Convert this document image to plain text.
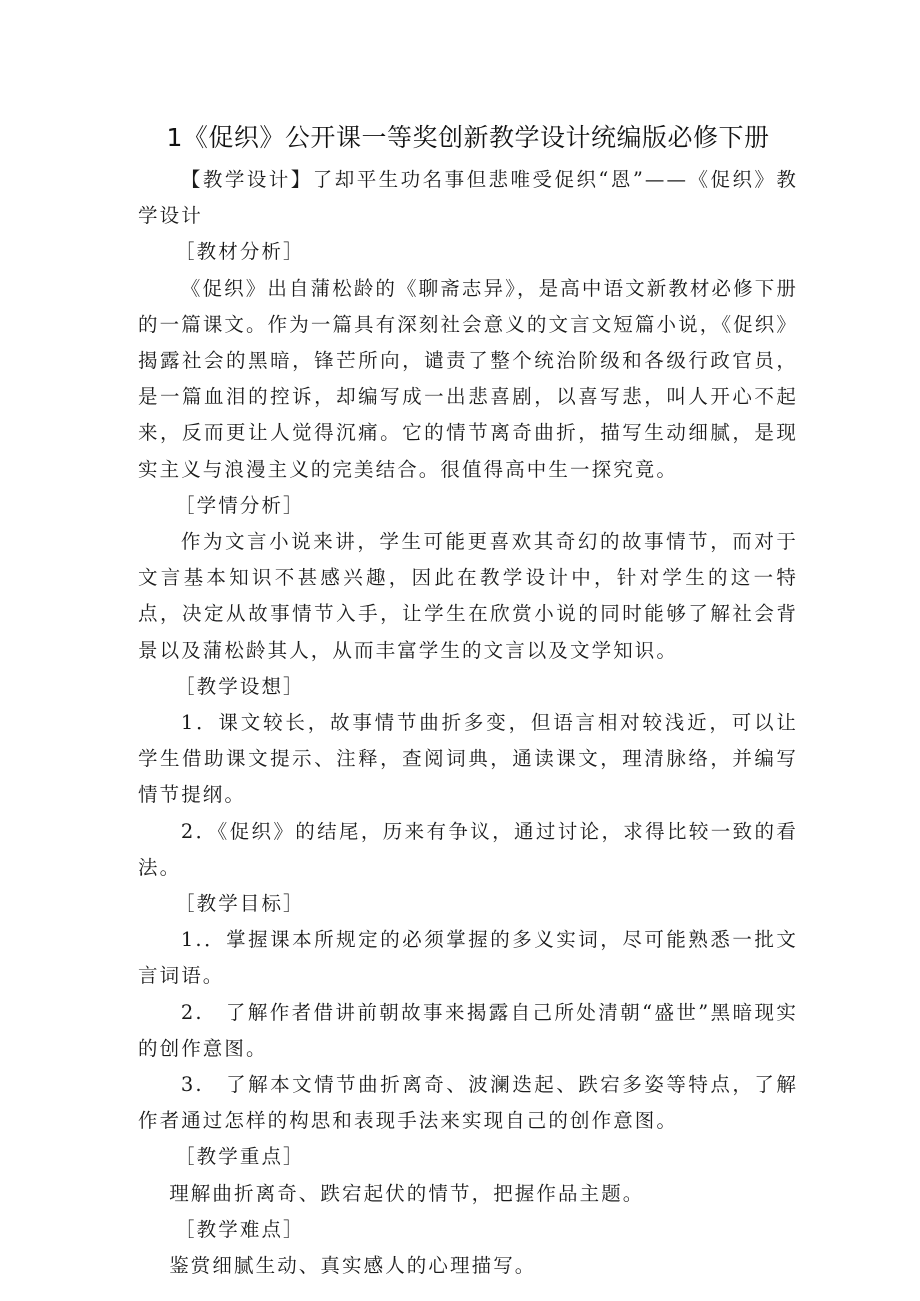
1《促织》公开课一等奖创新教学设计统编版必修下册

【教学设计】了却平生功名事但悲唯受促织“恩”——《促织》教学设计

［教材分析］

《促织》出自蒲松龄的《聊斋志异》，是高中语文新教材必修下册的一篇课文。作为一篇具有深刻社会意义的文言文短篇小说，《促织》揭露社会的黑暗，锋芒所向，谴责了整个统治阶级和各级行政官员，是一篇血泪的控诉，却编写成一出悲喜剧，以喜写悲，叫人开心不起来，反而更让人觉得沉痛。它的情节离奇曲折，描写生动细腻，是现实主义与浪漫主义的完美结合。很值得高中生一探究竟。

［学情分析］

作为文言小说来讲，学生可能更喜欢其奇幻的故事情节，而对于文言基本知识不甚感兴趣，因此在教学设计中，针对学生的这一特点，决定从故事情节入手，让学生在欣赏小说的同时能够了解社会背景以及蒲松龄其人，从而丰富学生的文言以及文学知识。

［教学设想］

1．课文较长，故事情节曲折多变，但语言相对较浅近，可以让学生借助课文提示、注释，查阅词典，通读课文，理清脉络，并编写情节提纲。

2．《促织》的结尾，历来有争议，通过讨论，求得比较一致的看法。

［教学目标］

1.．掌握课本所规定的必须掌握的多义实词，尽可能熟悉一批文言词语。

2.　了解作者借讲前朝故事来揭露自己所处清朝“盛世”黑暗现实的创作意图。

3.　了解本文情节曲折离奇、波澜迭起、跌宕多姿等特点，了解作者通过怎样的构思和表现手法来实现自己的创作意图。

［教学重点］

理解曲折离奇、跌宕起伏的情节，把握作品主题。

［教学难点］

鉴赏细腻生动、真实感人的心理描写。
